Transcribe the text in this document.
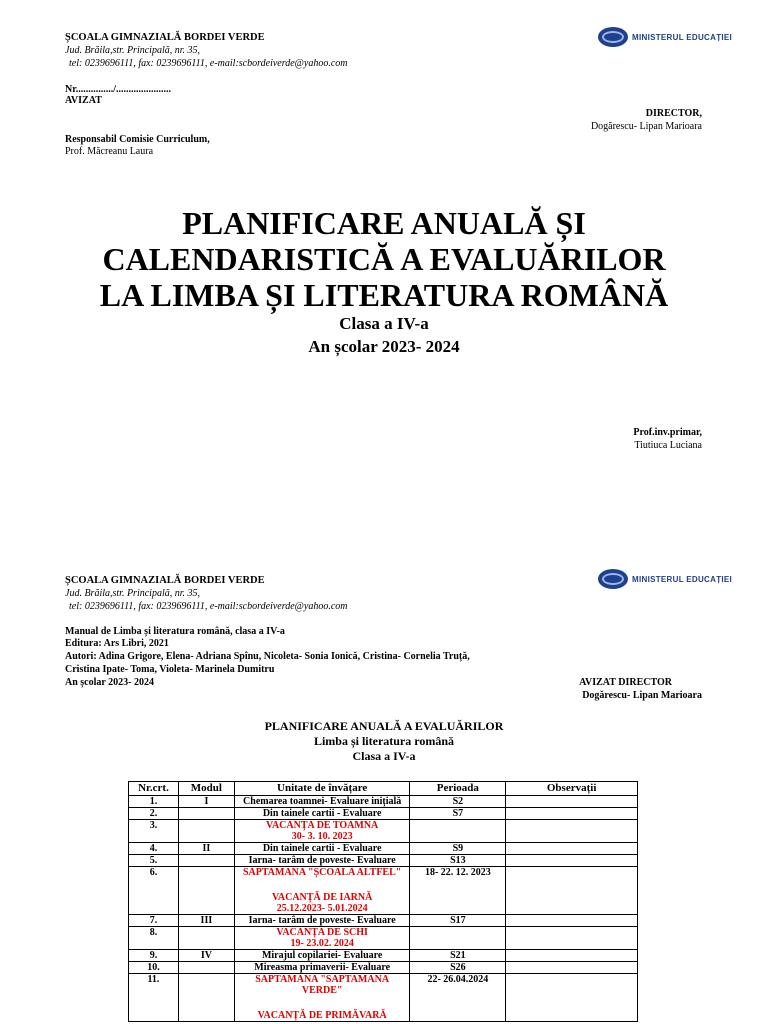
ȘCOALA GIMNAZIALĂ BORDEI VERDE
Jud. Brăila,str. Principală, nr. 35,
tel: 0239696111, fax: 0239696111, e-mail:scbordeiverde@yahoo.com
MINISTERUL EDUCAȚIEI
Nr.............../......................
AVIZAT
DIRECTOR,
Dogărescu- Lipan Marioara
Responsabil Comisie Curriculum,
Prof. Măcreanu Laura
PLANIFICARE ANUALĂ ȘI
CALENDARISTICĂ A EVALUĂRILOR
LA LIMBA ȘI LITERATURA ROMÂNĂ
Clasa a IV-a
An școlar 2023- 2024
Prof.inv.primar,
Tiutiuca Luciana
ȘCOALA GIMNAZIALĂ BORDEI VERDE
Jud. Brăila,str. Principală, nr. 35,
tel: 0239696111, fax: 0239696111, e-mail:scbordeiverde@yahoo.com
MINISTERUL EDUCAȚIEI
Manual de Limba și literatura română, clasa a IV-a
Editura: Ars Libri, 2021
Autori: Adina Grigore, Elena- Adriana Spînu, Nicoleta- Sonia Ionică, Cristina- Cornelia Truță,
Cristina Ipate- Toma, Violeta- Marinela Dumitru
An școlar 2023- 2024	AVIZAT DIRECTOR
Dogărescu- Lipan Marioara
PLANIFICARE ANUALĂ A EVALUĂRILOR
Limba și literatura română
Clasa a IV-a
Nr.crt.	Modul	Unitate de învățare	Perioada	Observații
1.	I	Chemarea toamnei- Evaluare inițială	S2	
2.		Din tainele cartii - Evaluare	S7	
3.		VACANȚA DE TOAMNA
30- 3. 10. 2023		

4.	II	Din tainele cartii - Evaluare	S9	
5.		Iarna- tarâm de poveste- Evaluare	S13	
6.		SAPTAMANA "ȘCOALA ALTFEL"
VACANȚĂ DE IARNĂ
25.12.2023- 5.01.2024	18- 22. 12. 2023	
7.	III	Iarna- tarâm de poveste- Evaluare	S17	
8.		VACANȚA DE SCHI
19- 23.02. 2024		

9.	IV	Mirajul copilariei- Evaluare	S21	
10.		Mireasma primaverii- Evaluare	S26	
11.		SAPTAMANA "SAPTAMANA VERDE"
VACANȚĂ DE PRIMĂVARĂ	22- 26.04.2024	
